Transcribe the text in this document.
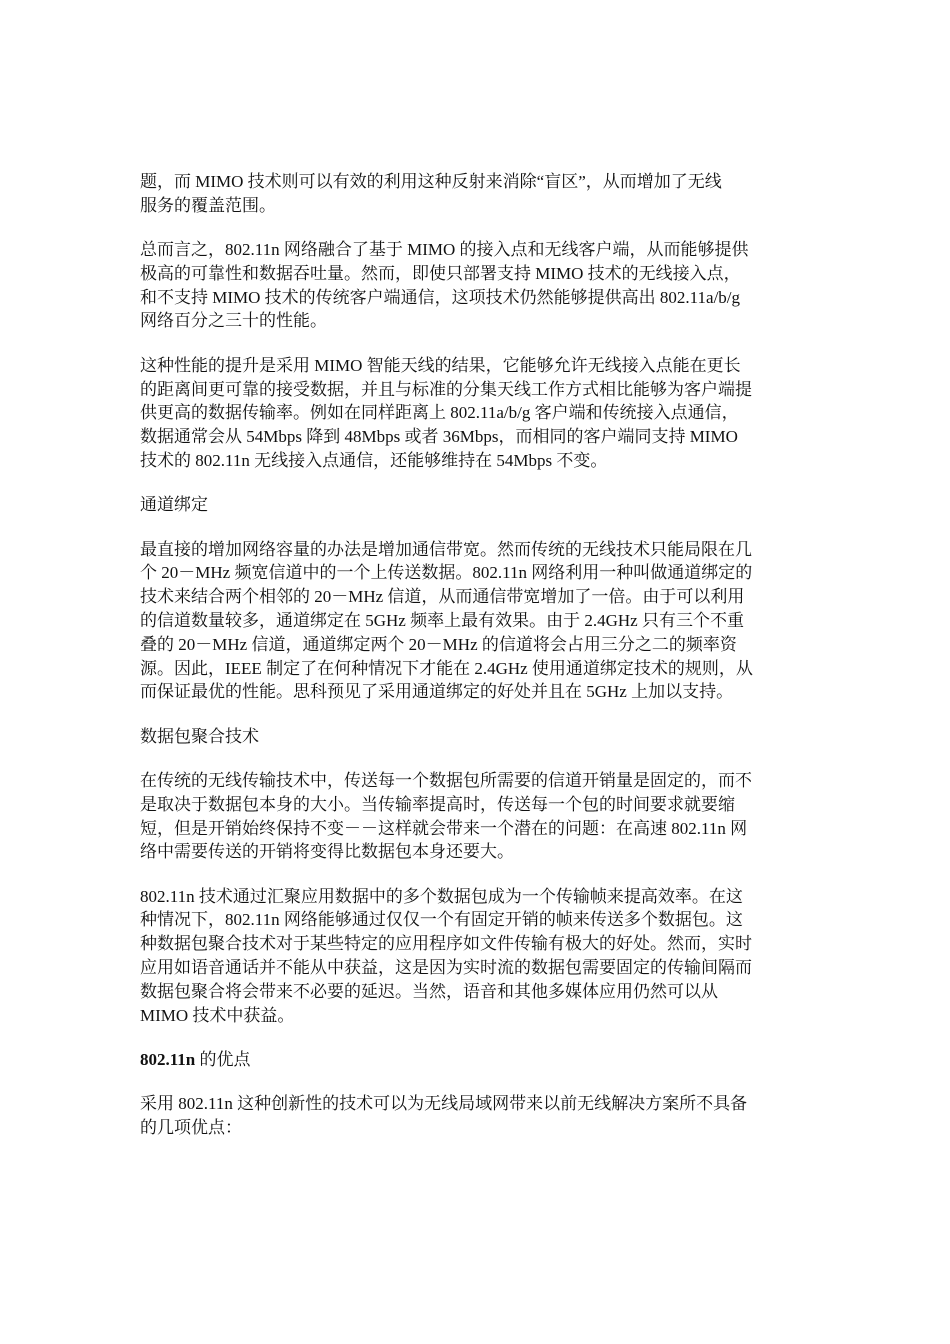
题，而 MIMO 技术则可以有效的利用这种反射来消除“盲区”，从而增加了无线
服务的覆盖范围。
总而言之，802.11n 网络融合了基于 MIMO 的接入点和无线客户端，从而能够提供
极高的可靠性和数据吞吐量。然而，即使只部署支持 MIMO 技术的无线接入点，
和不支持 MIMO 技术的传统客户端通信，这项技术仍然能够提供高出 802.11a/b/g
网络百分之三十的性能。
这种性能的提升是采用 MIMO 智能天线的结果，它能够允许无线接入点能在更长
的距离间更可靠的接受数据，并且与标准的分集天线工作方式相比能够为客户端提
供更高的数据传输率。例如在同样距离上 802.11a/b/g 客户端和传统接入点通信，
数据通常会从 54Mbps 降到 48Mbps 或者 36Mbps，而相同的客户端同支持 MIMO
技术的 802.11n 无线接入点通信，还能够维持在 54Mbps 不变。
通道绑定
最直接的增加网络容量的办法是增加通信带宽。然而传统的无线技术只能局限在几
个 20－MHz 频宽信道中的一个上传送数据。802.11n 网络利用一种叫做通道绑定的
技术来结合两个相邻的 20－MHz 信道，从而通信带宽增加了一倍。由于可以利用
的信道数量较多，通道绑定在 5GHz 频率上最有效果。由于 2.4GHz 只有三个不重
叠的 20－MHz 信道，通道绑定两个 20－MHz 的信道将会占用三分之二的频率资
源。因此，IEEE 制定了在何种情况下才能在 2.4GHz 使用通道绑定技术的规则，从
而保证最优的性能。思科预见了采用通道绑定的好处并且在 5GHz 上加以支持。
数据包聚合技术
在传统的无线传输技术中，传送每一个数据包所需要的信道开销量是固定的，而不
是取决于数据包本身的大小。当传输率提高时，传送每一个包的时间要求就要缩
短，但是开销始终保持不变－－这样就会带来一个潜在的问题：在高速 802.11n 网
络中需要传送的开销将变得比数据包本身还要大。
802.11n 技术通过汇聚应用数据中的多个数据包成为一个传输帧来提高效率。在这
种情况下，802.11n 网络能够通过仅仅一个有固定开销的帧来传送多个数据包。这
种数据包聚合技术对于某些特定的应用程序如文件传输有极大的好处。然而，实时
应用如语音通话并不能从中获益，这是因为实时流的数据包需要固定的传输间隔而
数据包聚合将会带来不必要的延迟。当然，语音和其他多媒体应用仍然可以从
MIMO 技术中获益。
802.11n 的优点
采用 802.11n 这种创新性的技术可以为无线局域网带来以前无线解决方案所不具备
的几项优点：
